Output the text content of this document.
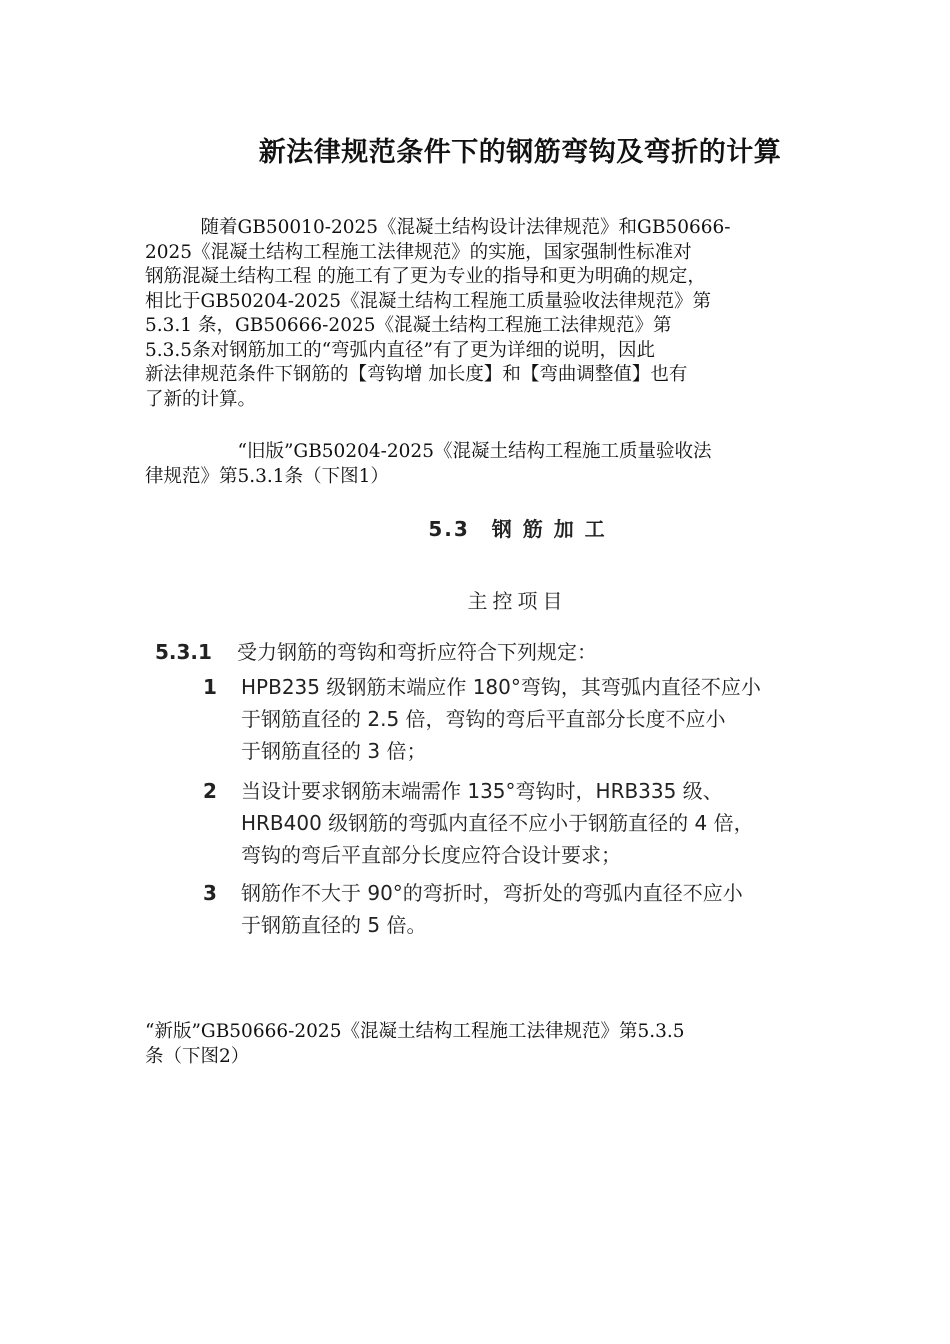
新法律规范条件下的钢筋弯钩及弯折的计算

　　　随着GB50010-2025《混凝土结构设计法律规范》和GB50666-
2025《混凝土结构工程施工法律规范》的实施，国家强制性标准对
钢筋混凝土结构工程 的施工有了更为专业的指导和更为明确的规定，
相比于GB50204-2025《混凝土结构工程施工质量验收法律规范》第
5.3.1 条，GB50666-2025《混凝土结构工程施工法律规范》第
5.3.5条对钢筋加工的“弯弧内直径”有了更为详细的说明，因此
新法律规范条件下钢筋的【弯钩增 加长度】和【弯曲调整值】也有
了新的计算。

　　　　　“旧版”GB50204-2025《混凝土结构工程施工质量验收法
律规范》第5.3.1条（下图1）

5.3 钢 筋 加 工
主控项目
5.3.1 受力钢筋的弯钩和弯折应符合下列规定：
1 HPB235 级钢筋末端应作 180°弯钩，其弯弧内直径不应小
于钢筋直径的 2.5 倍，弯钩的弯后平直部分长度不应小
于钢筋直径的 3 倍；
2 当设计要求钢筋末端需作 135°弯钩时，HRB335 级、
HRB400 级钢筋的弯弧内直径不应小于钢筋直径的 4 倍，
弯钩的弯后平直部分长度应符合设计要求；
3 钢筋作不大于 90°的弯折时，弯折处的弯弧内直径不应小
于钢筋直径的 5 倍。

“新版”GB50666-2025《混凝土结构工程施工法律规范》第5.3.5
条（下图2）
